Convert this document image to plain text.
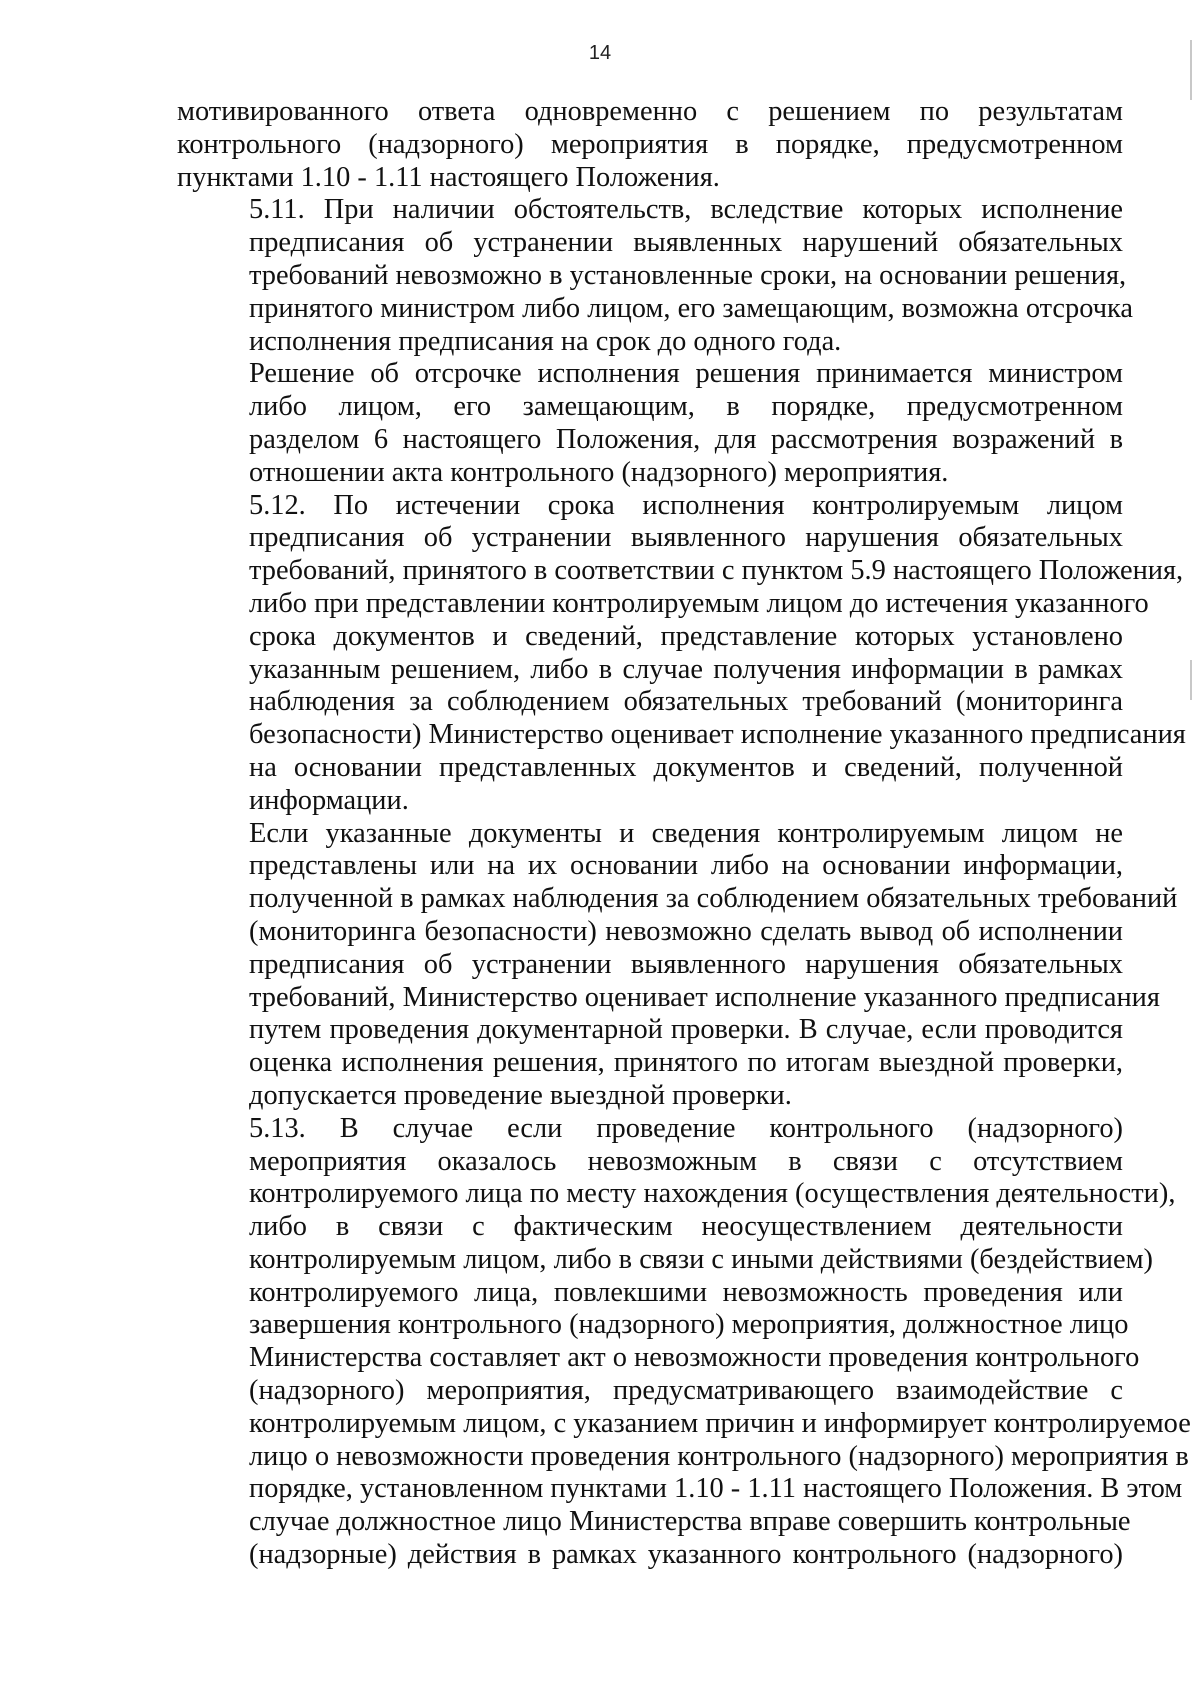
14

мотивированного ответа одновременно с решением по результатам
контрольного (надзорного) мероприятия в порядке, предусмотренном
пунктами 1.10 - 1.11 настоящего Положения.

5.11. При наличии обстоятельств, вследствие которых исполнение
предписания об устранении выявленных нарушений обязательных
требований невозможно в установленные сроки, на основании решения,
принятого министром либо лицом, его замещающим, возможна отсрочка
исполнения предписания на срок до одного года.

Решение об отсрочке исполнения решения принимается министром
либо лицом, его замещающим, в порядке, предусмотренном
разделом 6 настоящего Положения, для рассмотрения возражений в
отношении акта контрольного (надзорного) мероприятия.

5.12. По истечении срока исполнения контролируемым лицом
предписания об устранении выявленного нарушения обязательных
требований, принятого в соответствии с пунктом 5.9 настоящего Положения,
либо при представлении контролируемым лицом до истечения указанного
срока документов и сведений, представление которых установлено
указанным решением, либо в случае получения информации в рамках
наблюдения за соблюдением обязательных требований (мониторинга
безопасности) Министерство оценивает исполнение указанного предписания
на основании представленных документов и сведений, полученной
информации.

Если указанные документы и сведения контролируемым лицом не
представлены или на их основании либо на основании информации,
полученной в рамках наблюдения за соблюдением обязательных требований
(мониторинга безопасности) невозможно сделать вывод об исполнении
предписания об устранении выявленного нарушения обязательных
требований, Министерство оценивает исполнение указанного предписания
путем проведения документарной проверки. В случае, если проводится
оценка исполнения решения, принятого по итогам выездной проверки,
допускается проведение выездной проверки.

5.13. В случае если проведение контрольного (надзорного)
мероприятия оказалось невозможным в связи с отсутствием
контролируемого лица по месту нахождения (осуществления деятельности),
либо в связи с фактическим неосуществлением деятельности
контролируемым лицом, либо в связи с иными действиями (бездействием)
контролируемого лица, повлекшими невозможность проведения или
завершения контрольного (надзорного) мероприятия, должностное лицо
Министерства составляет акт о невозможности проведения контрольного
(надзорного) мероприятия, предусматривающего взаимодействие с
контролируемым лицом, с указанием причин и информирует контролируемое
лицо о невозможности проведения контрольного (надзорного) мероприятия в
порядке, установленном пунктами 1.10 - 1.11 настоящего Положения. В этом
случае должностное лицо Министерства вправе совершить контрольные
(надзорные) действия в рамках указанного контрольного (надзорного)
